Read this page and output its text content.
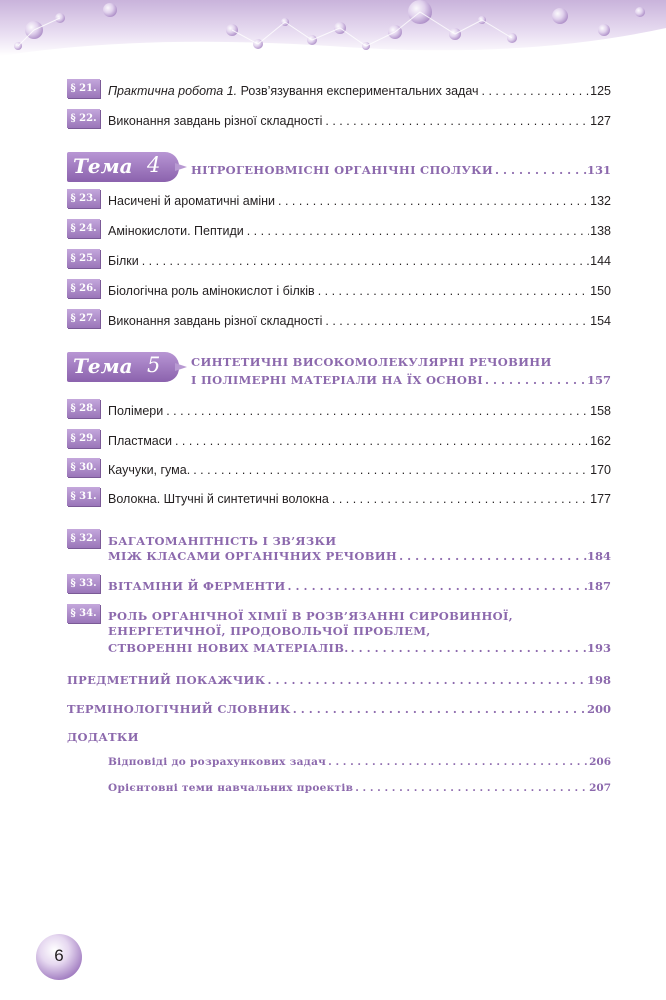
§ 21. Практична робота 1. Розв’язування експериментальних задач . . .	125
§ 22. Виконання завдань різної складності . . .	127
Тема 4	НІТРОГЕНОВМІСНІ ОРГАНІЧНІ СПОЛУКИ . . .	131
§ 23. Насичені й ароматичні аміни . . .	132
§ 24. Амінокислоти. Пептиди . . .	138
§ 25. Білки . . .	144
§ 26. Біологічна роль амінокислот і білків . . .	150
§ 27. Виконання завдань різної складності . . .	154
Тема 5	СИНТЕТИЧНІ ВИСОКОМОЛЕКУЛЯРНІ РЕЧОВИНИ
І ПОЛІМЕРНІ МАТЕРІАЛИ НА ЇХ ОСНОВІ . . .	157
§ 28. Полімери . . .	158
§ 29. Пластмаси . . .	162
§ 30. Каучуки, гума. . . .	170
§ 31. Волокна. Штучні й синтетичні волокна . . .	177
§ 32. БАГАТОМАНІТНІСТЬ І ЗВ’ЯЗКИ
МІЖ КЛАСАМИ ОРГАНІЧНИХ РЕЧОВИН . . .	184
§ 33. ВІТАМІНИ Й ФЕРМЕНТИ . . .	187
§ 34. РОЛЬ ОРГАНІЧНОЇ ХІМІЇ В РОЗВ’ЯЗАННІ СИРОВИННОЇ,
ЕНЕРГЕТИЧНОЇ, ПРОДОВОЛЬЧОЇ ПРОБЛЕМ,
СТВОРЕННІ НОВИХ МАТЕРІАЛІВ. . . .	193
ПРЕДМЕТНИЙ ПОКАЖЧИК . . .	198
ТЕРМІНОЛОГІЧНИЙ СЛОВНИК . . .	200
ДОДАТКИ
Відповіді до розрахункових задач . . .	206
Орієнтовні теми навчальних проектів . . .	207
6
